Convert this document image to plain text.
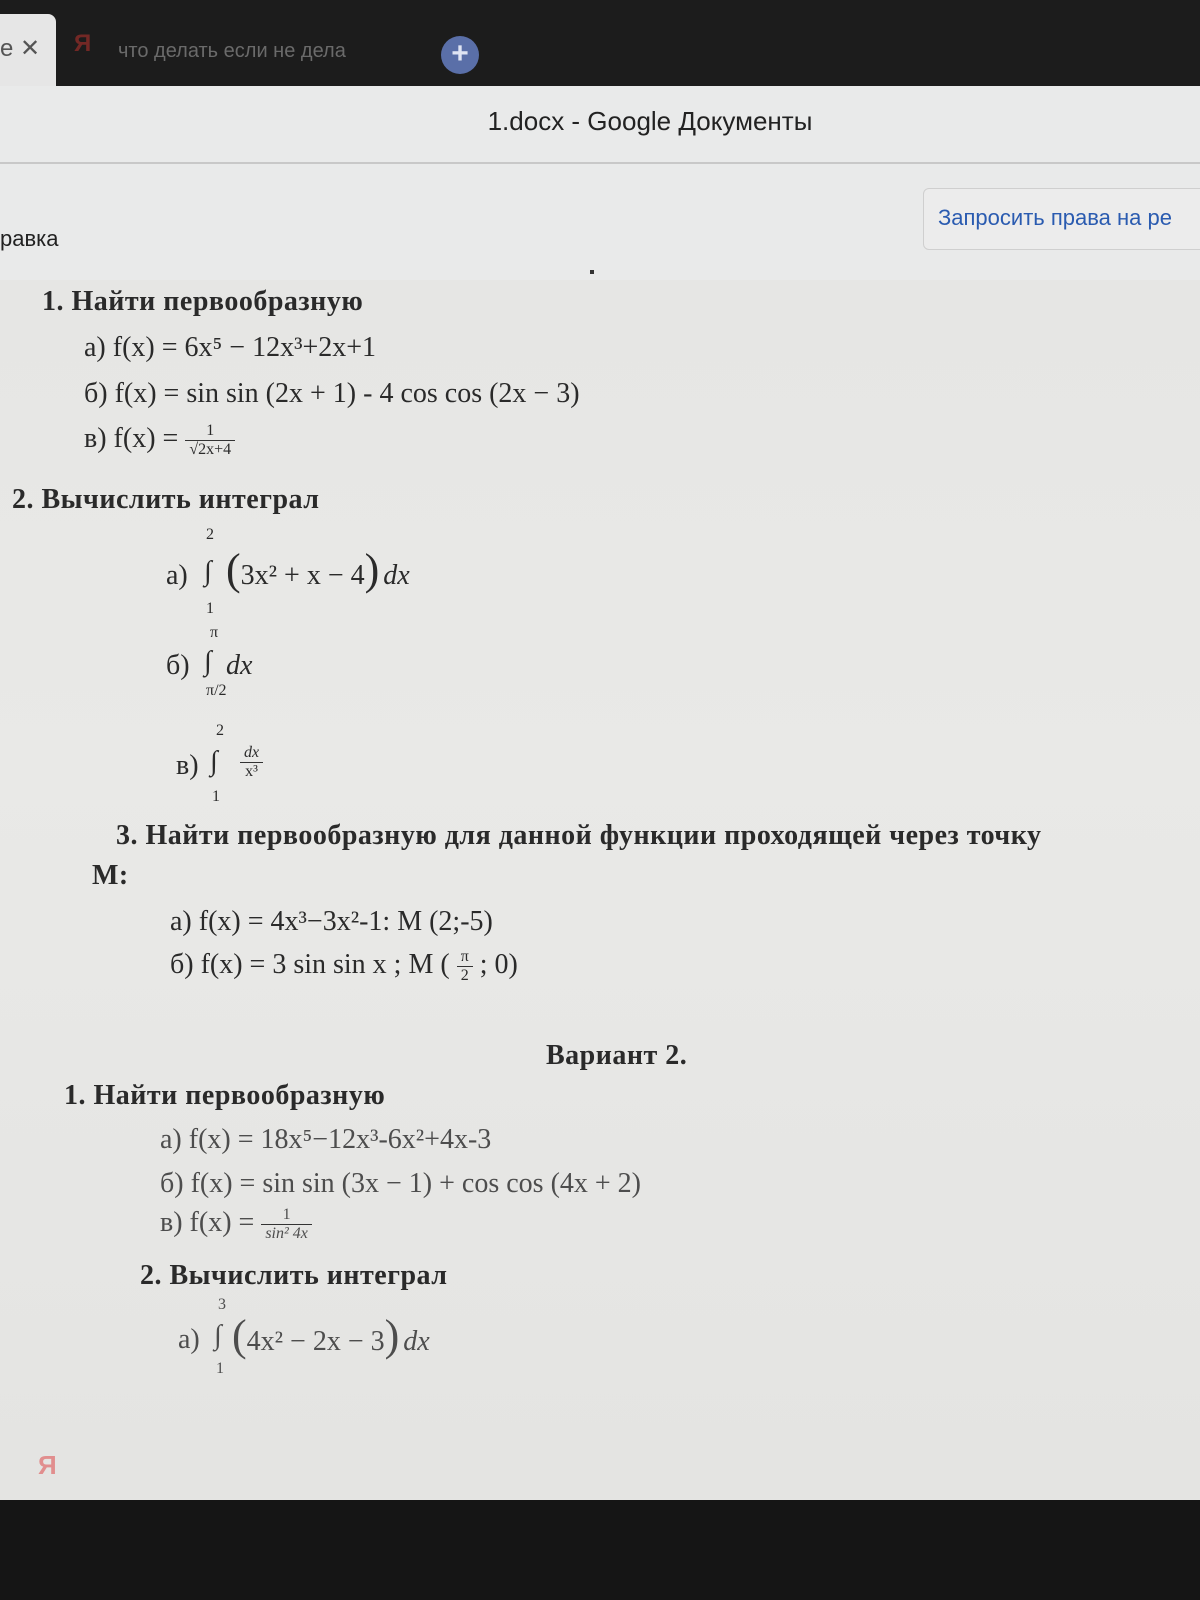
е ✕ Я что делать если не дела	+
1.docx - Google Документы
равка
Запросить права на ре
1. Найти первообразную
а) f(x) = 6x⁵ − 12x³+2x+1
б) f(x) = sin sin (2x + 1) - 4 cos cos (2x − 3)
в) $f(x) = \frac{1}{√2x+4}$
2. Вычислить интеграл
2
а) ∫ (3x² + x − 4) dx
1
π
б) ∫ dx
π/2
2
в) ∫ $\frac{dx}{\text{x³}}$
1
3. Найти первообразную для данной функции проходящей через точку
M:
а) f(x) = 4x³−3x²-1: M (2;-5)
б) f(x) = 3 sin sin x ; M ( $\frac{\pi}{2}$ ; 0)
Вариант 2.
1. Найти первообразную
а) f(x) = 18x⁵−12x³-6x²+4x-3
б) f(x) = sin sin (3x − 1) + cos cos (4x + 2)
в) $f(x) = \frac{1}{\text{sin² 4x}}$
2. Вычислить интеграл
3
а) ∫ (4x² − 2x − 3) dx
1
Я
